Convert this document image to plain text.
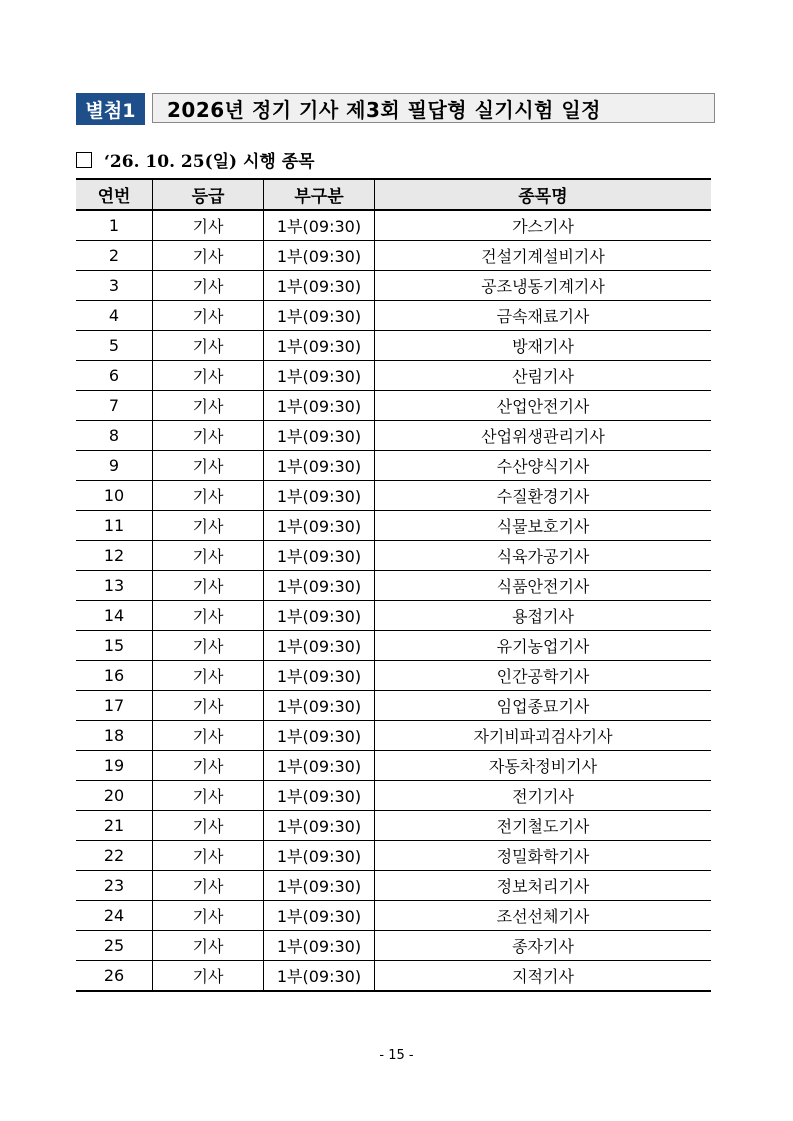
별첨1	2026년 정기 기사 제3회 필답형 실기시험 일정
‘26. 10. 25(일) 시행 종목
연번	등급	부구분	종목명
1	기사	1부(09:30)	가스기사
2	기사	1부(09:30)	건설기계설비기사
3	기사	1부(09:30)	공조냉동기계기사
4	기사	1부(09:30)	금속재료기사
5	기사	1부(09:30)	방재기사
6	기사	1부(09:30)	산림기사
7	기사	1부(09:30)	산업안전기사
8	기사	1부(09:30)	산업위생관리기사
9	기사	1부(09:30)	수산양식기사
10	기사	1부(09:30)	수질환경기사
11	기사	1부(09:30)	식물보호기사
12	기사	1부(09:30)	식육가공기사
13	기사	1부(09:30)	식품안전기사
14	기사	1부(09:30)	용접기사
15	기사	1부(09:30)	유기농업기사
16	기사	1부(09:30)	인간공학기사
17	기사	1부(09:30)	임업종묘기사
18	기사	1부(09:30)	자기비파괴검사기사
19	기사	1부(09:30)	자동차정비기사
20	기사	1부(09:30)	전기기사
21	기사	1부(09:30)	전기철도기사
22	기사	1부(09:30)	정밀화학기사
23	기사	1부(09:30)	정보처리기사
24	기사	1부(09:30)	조선선체기사
25	기사	1부(09:30)	종자기사
26	기사	1부(09:30)	지적기사
- 15 -
